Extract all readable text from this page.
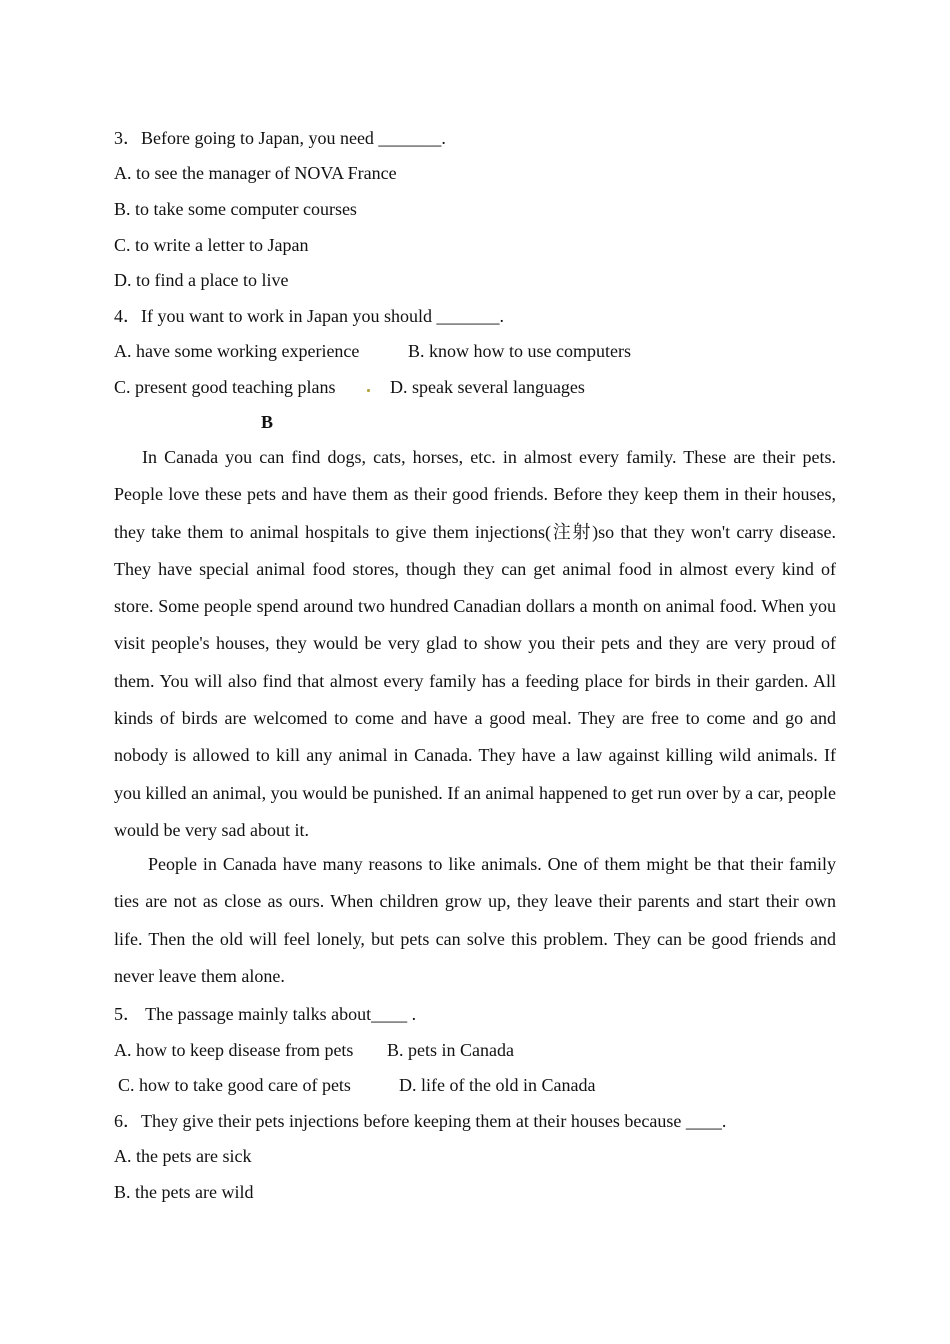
3．Before going to Japan, you need _______.
A. to see the manager of NOVA France
B. to take some computer courses
C. to write a letter to Japan
D. to find a place to live
4．If you want to work in Japan you should _______.
A. have some working experience	B. know how to use computers
C. present good teaching plans	D. speak several languages
B

In Canada you can find dogs, cats, horses, etc. in almost every family. These are their pets. People love these pets and have them as their good friends. Before they keep them in their houses, they take them to animal hospitals to give them injections(注射)so that they won't carry disease. They have special animal food stores, though they can get animal food in almost every kind of store. Some people spend around two hundred Canadian dollars a month on animal food. When you visit people's houses, they would be very glad to show you their pets and they are very proud of them. You will also find that almost every family has a feeding place for birds in their garden. All kinds of birds are welcomed to come and have a good meal. They are free to come and go and nobody is allowed to kill any animal in Canada. They have a law against killing wild animals. If you killed an animal, you would be punished. If an animal happened to get run over by a car, people would be very sad about it.

People in Canada have many reasons to like animals. One of them might be that their family ties are not as close as ours. When children grow up, they leave their parents and start their own life. Then the old will feel lonely, but pets can solve this problem. They can be good friends and never leave them alone.

5． The passage mainly talks about____ .
A. how to keep disease from pets B. pets in Canada
C. how to take good care of pets	D. life of the old in Canada
6．They give their pets injections before keeping them at their houses because ____.
A. the pets are sick
B. the pets are wild
